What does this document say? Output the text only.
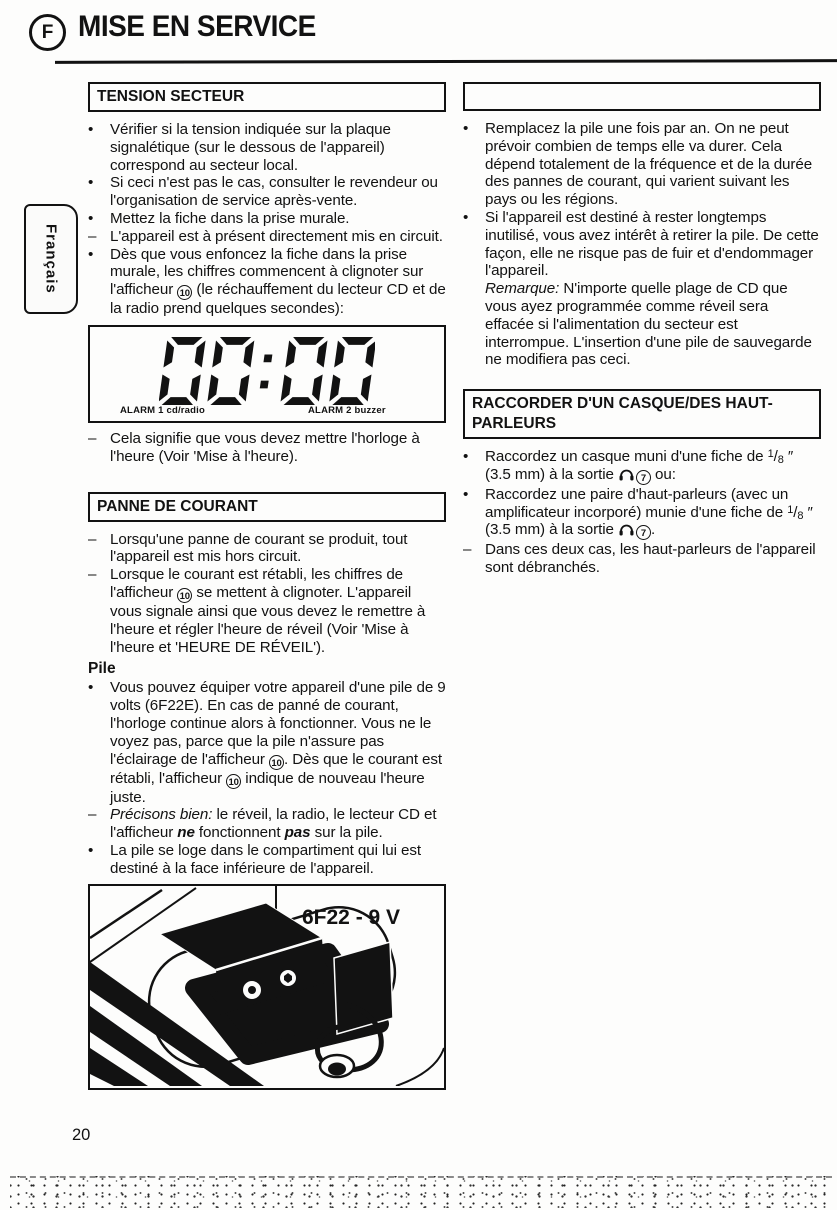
F MISE EN SERVICE
Français
TENSION SECTEUR
•	Vérifier si la tension indiquée sur la plaque signalétique (sur le dessous de l'appareil) correspond au secteur local.

•	Si ceci n'est pas le cas, consulter le revendeur ou l'organisation de service après-vente.

•	Mettez la fiche dans la prise murale.

– L'appareil est à présent directement mis en circuit.

•	Dès que vous enfoncez la fiche dans la prise murale, les chiffres commencent à clignoter sur l'afficheur 10 (le réchauffement du lecteur CD et de la radio prend quelques secondes):

ALARM 1 cd/radio	ALARM 2 buzzer
– Cela signifie que vous devez mettre l'horloge à l'heure (Voir 'Mise à l'heure).

PANNE DE COURANT
– Lorsqu'une panne de courant se produit, tout l'appareil est mis hors circuit.

– Lorsque le courant est rétabli, les chiffres de l'afficheur 10 se mettent à clignoter. L'appareil vous signale ainsi que vous devez le remettre à l'heure et régler l'heure de réveil (Voir 'Mise à l'heure et 'HEURE DE RÉVEIL').

Pile
•	Vous pouvez équiper votre appareil d'une pile de 9 volts (6F22E). En cas de panné de courant, l'horloge continue alors à fonctionner. Vous ne le voyez pas, parce que la pile n'assure pas l'éclairage de l'afficheur 10 . Dès que le courant est rétabli, l'afficheur 10 indique de nouveau l'heure juste.

– Précisons bien: le réveil, la radio, le lecteur CD et l'afficheur ne fonctionnent pas sur la pile.

•	La pile se loge dans le compartiment qui lui est destiné à la face inférieure de l'appareil.

6F22 - 9 V
•	Remplacez la pile une fois par an. On ne peut prévoir combien de temps elle va durer. Cela dépend totalement de la fréquence et de la durée des pannes de courant, qui varient suivant les pays ou les régions.

•	Si l'appareil est destiné à rester longtemps inutilisé, vous avez intérêt à retirer la pile. De cette façon, elle ne risque pas de fuir et d'endommager l'appareil.

Remarque: N'importe quelle plage de CD que vous ayez programmée comme réveil sera effacée si l'alimentation du secteur est interrompue. L'insertion d'une pile de sauvegarde ne modifiera pas ceci.

RACCORDER D'UN CASQUE/DES HAUT-PARLEURS
•	Raccordez un casque muni d'une fiche de $^1$/8 ″ (3.5 mm) à la sortie 7 ou:

•	Raccordez une paire d'haut-parleurs (avec un amplificateur incorporé) munie d'une fiche de $^1$/8 ″ (3.5 mm) à la sortie 7 .

– Dans ces deux cas, les haut-parleurs de l'appareil sont débranchés.

20
